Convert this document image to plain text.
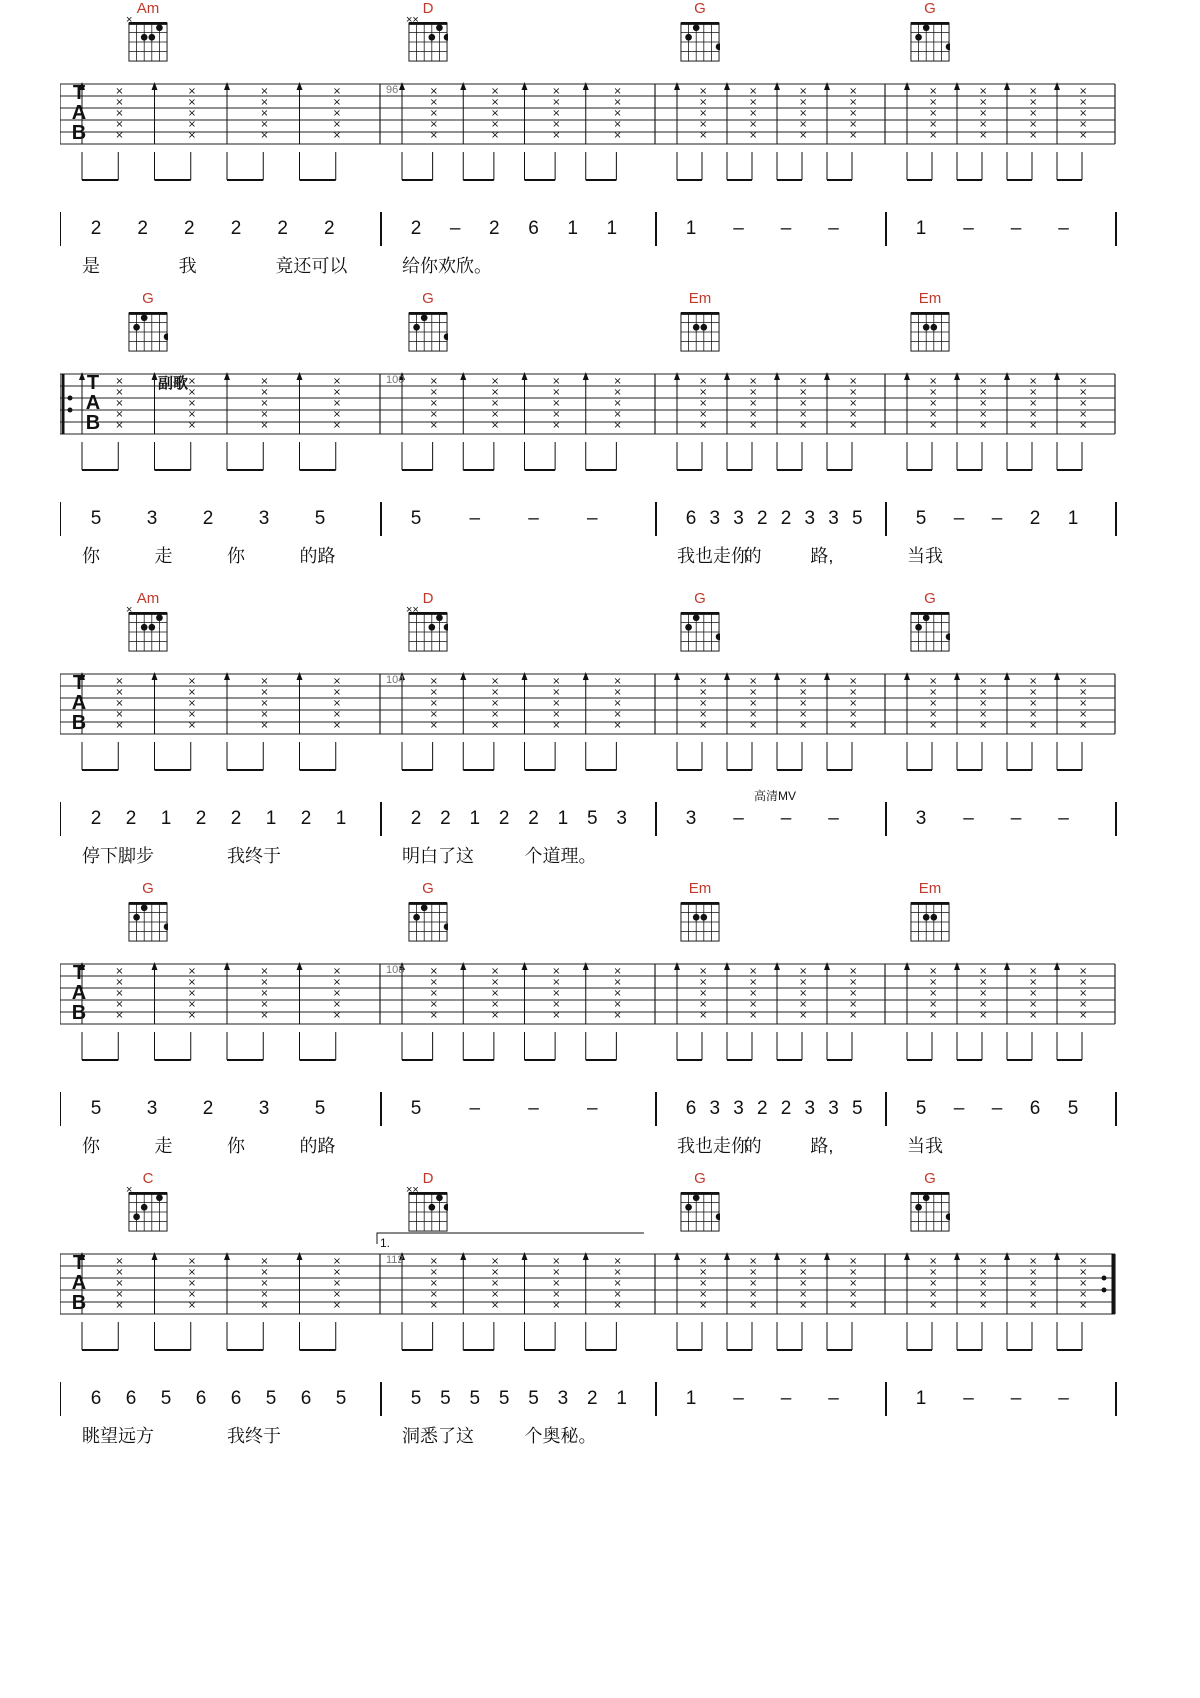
Am
×
D
××
G	G
×
×
×
×
×
×
×
×
×
×
×
×
×
×
×
×
×
×
×
×
×
×
×
×
×
×
×
×
×
×
×
×
×
×
×
×
×
×
×
×
×
×
×
×
×
×
×
×
×
×
×
×
×
×
×
×
×
×
×
×
×
×
×
×
×
×
×
×
×
×
×
×
×
×
×
×
×
×
×
×
T
A
B
96
2	2	2	2	2	2	2	–	2	6	1	1	1	–	–	–	1	–	–	–
是	我	竟还可以	给你欢欣。
G	G	Em	Em
副歌
×
×
×
×
×
×
×
×
×
×
×
×
×
×
×
×
×
×
×
×
×
×
×
×
×
×
×
×
×
×
×
×
×
×
×
×
×
×
×
×
×
×
×
×
×
×
×
×
×
×
×
×
×
×
×
×
×
×
×
×
×
×
×
×
×
×
×
×
×
×
×
×
×
×
×
×
×
×
×
×
T
A
B
100
5	3	2	3	5	5	–	–	–	6 3 3 2 2 3 3 5	5	–	–	2	1
你	走	你	的路	我也走你
的	路,	当我
Am
×
D
××
G	G
×
×
×
×
×
×
×
×
×
×
×
×
×
×
×
×
×
×
×
×
×
×
×
×
×
×
×
×
×
×
×
×
×
×
×
×
×
×
×
×
×
×
×
×
×
×
×
×
×
×
×
×
×
×
×
×
×
×
×
×
×
×
×
×
×
×
×
×
×
×
×
×
×
×
×
×
×
×
×
×
T
A
B
104
2	2	1	2	2	1	2	1	2 2 1 2 2 1 5 3	3	–	–	–	3	–	–	–
停下脚步	我终于	明白了这	个道理。
高清MV
G	G	Em	Em
×
×
×
×
×
×
×
×
×
×
×
×
×
×
×
×
×
×
×
×
×
×
×
×
×
×
×
×
×
×
×
×
×
×
×
×
×
×
×
×
×
×
×
×
×
×
×
×
×
×
×
×
×
×
×
×
×
×
×
×
×
×
×
×
×
×
×
×
×
×
×
×
×
×
×
×
×
×
×
×
T
A
B
108
5	3	2	3	5	5	–	–	–	6 3 3 2 2 3 3 5	5	–	–	6	5
你	走	你	的路	我也走你
的	路,	当我
C
×
D
××
G	G
×
×
×
×
×
×
×
×
×
×
×
×
×
×
×
×
×
×
×
×
×
×
×
×
×
×
×
×
×
×
×
×
×
×
×
×
×
×
×
×
×
×
×
×
×
×
×
×
×
×
×
×
×
×
×
×
×
×
×
×
×
×
×
×
×
×
×
×
×
×
×
×
×
×
×
×
×
×
×
×
T
A
B
112
1.
6	6	5	6	6	5	6	5	5 5 5 5 5 3 2 1	1	–	–	–	1	–	–	–
眺望远方	我终于	洞悉了这	个奥秘。
